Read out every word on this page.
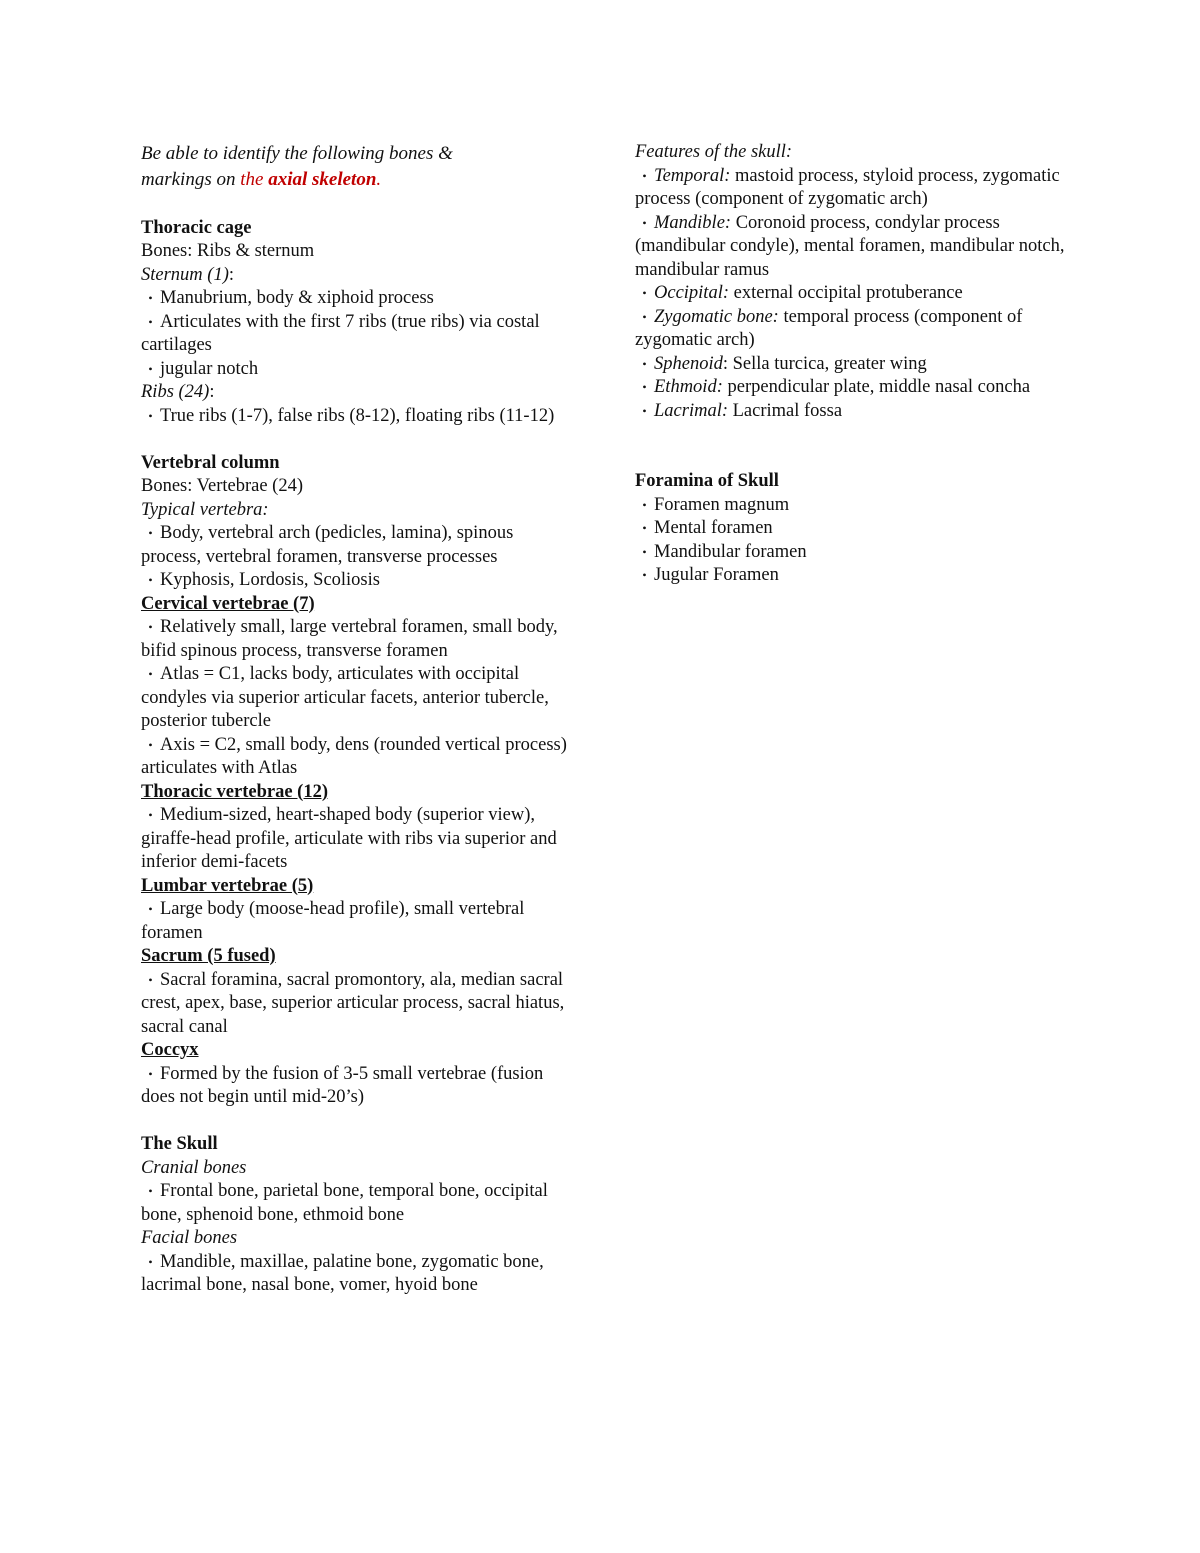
Be able to identify the following bones &

markings on the axial skeleton.

Thoracic cage

Bones: Ribs & sternum

Sternum (1):

• Manubrium, body & xiphoid process

• Articulates with the first 7 ribs (true ribs) via costal cartilages

• jugular notch

Ribs (24):

• True ribs (1-7), false ribs (8-12), floating ribs (11-12)

Vertebral column

Bones: Vertebrae (24)

Typical vertebra:

• Body, vertebral arch (pedicles, lamina), spinous process, vertebral foramen, transverse processes

• Kyphosis, Lordosis, Scoliosis

Cervical vertebrae (7)

• Relatively small, large vertebral foramen, small body, bifid spinous process, transverse foramen

• Atlas = C1, lacks body, articulates with occipital condyles via superior articular facets, anterior tubercle, posterior tubercle

• Axis = C2, small body, dens (rounded vertical process) articulates with Atlas

Thoracic vertebrae (12)

• Medium-sized, heart-shaped body (superior view), giraffe-head profile, articulate with ribs via superior and inferior demi-facets

Lumbar vertebrae (5)

• Large body (moose-head profile), small vertebral foramen

Sacrum (5 fused)

• Sacral foramina, sacral promontory, ala, median sacral crest, apex, base, superior articular process, sacral hiatus, sacral canal

Coccyx

• Formed by the fusion of 3-5 small vertebrae (fusion does not begin until mid-20’s)

The Skull

Cranial bones

• Frontal bone, parietal bone, temporal bone, occipital bone, sphenoid bone, ethmoid bone

Facial bones

• Mandible, maxillae, palatine bone, zygomatic bone, lacrimal bone, nasal bone, vomer, hyoid bone

Features of the skull:

• Temporal: mastoid process, styloid process, zygomatic process (component of zygomatic arch)

• Mandible: Coronoid process, condylar process (mandibular condyle), mental foramen, mandibular notch, mandibular ramus

• Occipital: external occipital protuberance

• Zygomatic bone: temporal process (component of zygomatic arch)

• Sphenoid: Sella turcica, greater wing

• Ethmoid: perpendicular plate, middle nasal concha

• Lacrimal: Lacrimal fossa

Foramina of Skull

• Foramen magnum

• Mental foramen

• Mandibular foramen

• Jugular Foramen
